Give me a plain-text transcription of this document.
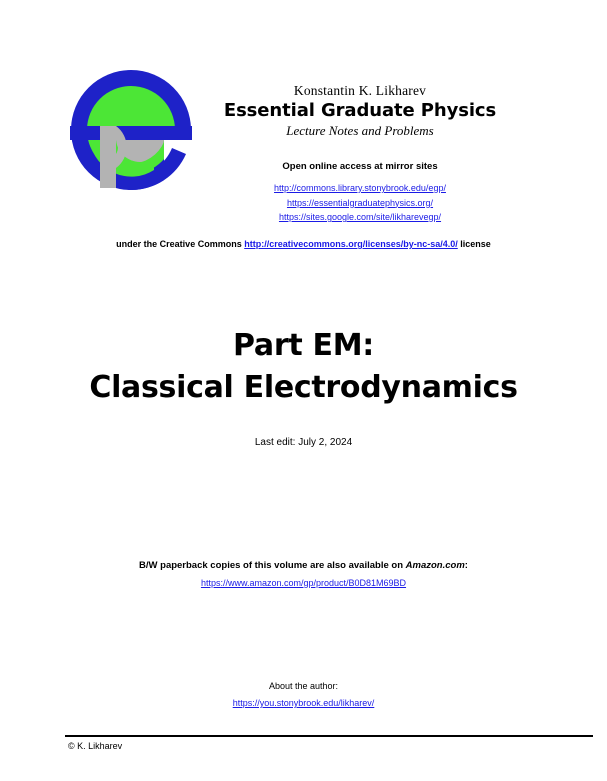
Konstantin K. Likharev
Essential Graduate Physics
Lecture Notes and Problems
Open online access at mirror sites
http://commons.library.stonybrook.edu/egp/
https://essentialgraduatephysics.org/
https://sites.google.com/site/likharevegp/
under the Creative Commons http://creativecommons.org/licenses/by-nc-sa/4.0/ license
Part EM:
Classical Electrodynamics
Last edit: July 2, 2024
B/W paperback copies of this volume are also available on Amazon.com:
https://www.amazon.com/gp/product/B0D81M69BD
About the author:
https://you.stonybrook.edu/likharev/
© K. Likharev
